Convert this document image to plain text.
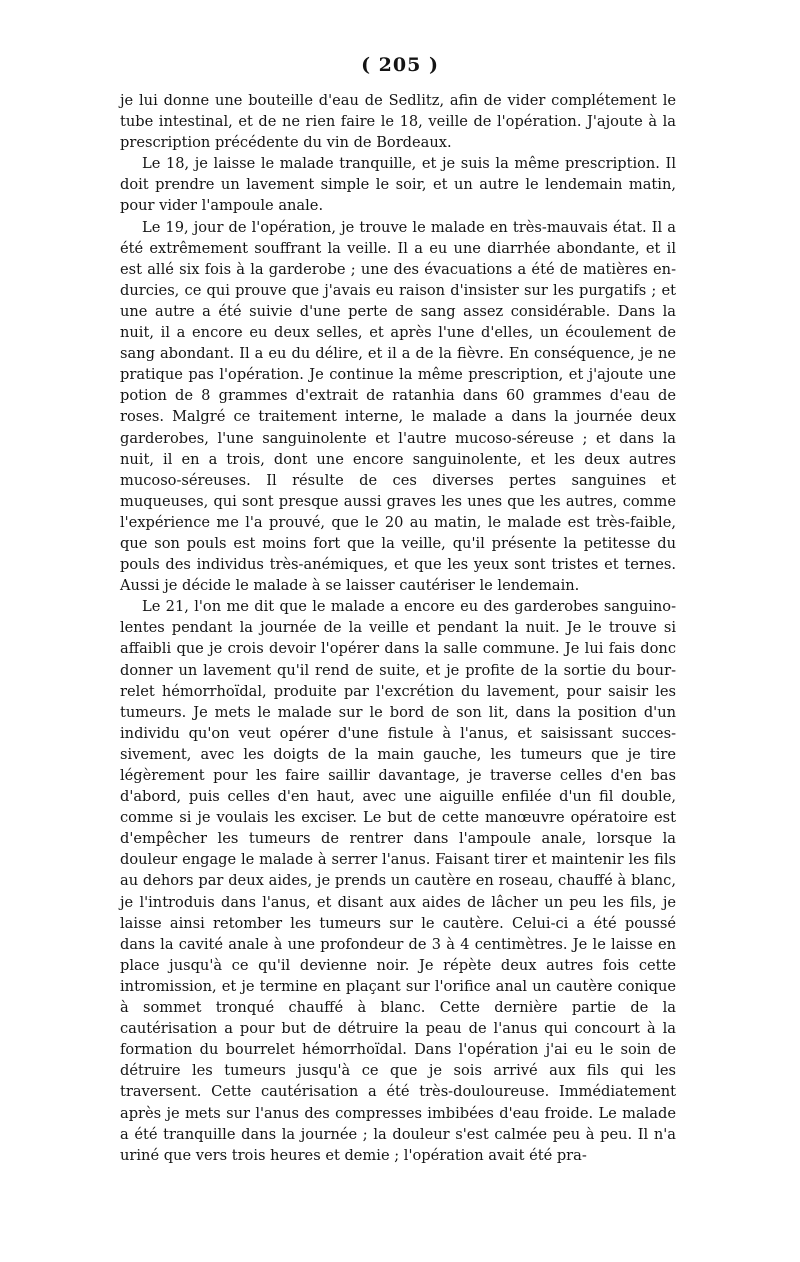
( 205 )

je lui donne une bouteille d'eau de Sedlitz, afin de vider complétement le tube intestinal, et de ne rien faire le 18, veille de l'opération. J'ajoute à la prescription précédente du vin de Bordeaux.

Le 18, je laisse le malade tranquille, et je suis la même prescription. Il doit prendre un lavement simple le soir, et un autre le lendemain matin, pour vider l'ampoule anale.

Le 19, jour de l'opération, je trouve le malade en très-mauvais état. Il a été extrêmement souffrant la veille. Il a eu une diarrhée abondante, et il est allé six fois à la garderobe ; une des évacuations a été de matières endurcies, ce qui prouve que j'avais eu raison d'insister sur les purgatifs ; et une autre a été suivie d'une perte de sang assez considérable. Dans la nuit, il a encore eu deux selles, et après l'une d'elles, un écoulement de sang abondant. Il a eu du délire, et il a de la fièvre. En conséquence, je ne pratique pas l'opération. Je continue la même prescription, et j'ajoute une potion de 8 grammes d'extrait de ratanhia dans 60 grammes d'eau de roses. Malgré ce traitement interne, le malade a dans la journée deux garderobes, l'une sanguinolente et l'autre mucoso-séreuse ; et dans la nuit, il en a trois, dont une encore sanguinolente, et les deux autres mucoso-séreuses. Il résulte de ces diverses pertes sanguines et muqueuses, qui sont presque aussi graves les unes que les autres, comme l'expérience me l'a prouvé, que le 20 au matin, le malade est très-faible, que son pouls est moins fort que la veille, qu'il présente la petitesse du pouls des individus très-anémiques, et que les yeux sont tristes et ternes. Aussi je décide le malade à se laisser cautériser le lendemain.

Le 21, l'on me dit que le malade a encore eu des garderobes sanguinolentes pendant la journée de la veille et pendant la nuit. Je le trouve si affaibli que je crois devoir l'opérer dans la salle commune. Je lui fais donc donner un lavement qu'il rend de suite, et je profite de la sortie du bourrelet hémorrhoïdal, produite par l'excrétion du lavement, pour saisir les tumeurs. Je mets le malade sur le bord de son lit, dans la position d'un individu qu'on veut opérer d'une fistule à l'anus, et saisissant successivement, avec les doigts de la main gauche, les tumeurs que je tire légèrement pour les faire saillir davantage, je traverse celles d'en bas d'abord, puis celles d'en haut, avec une aiguille enfilée d'un fil double, comme si je voulais les exciser. Le but de cette manœuvre opératoire est d'empêcher les tumeurs de rentrer dans l'ampoule anale, lorsque la douleur engage le malade à serrer l'anus. Faisant tirer et maintenir les fils au dehors par deux aides, je prends un cautère en roseau, chauffé à blanc, je l'introduis dans l'anus, et disant aux aides de lâcher un peu les fils, je laisse ainsi retomber les tumeurs sur le cautère. Celui-ci a été poussé dans la cavité anale à une profondeur de 3 à 4 centimètres. Je le laisse en place jusqu'à ce qu'il devienne noir. Je répète deux autres fois cette intromission, et je termine en plaçant sur l'orifice anal un cautère conique à sommet tronqué chauffé à blanc. Cette dernière partie de la cautérisation a pour but de détruire la peau de l'anus qui concourt à la formation du bourrelet hémorrhoïdal. Dans l'opération j'ai eu le soin de détruire les tumeurs jusqu'à ce que je sois arrivé aux fils qui les traversent. Cette cautérisation a été très-douloureuse. Immédiatement après je mets sur l'anus des compresses imbibées d'eau froide. Le malade a été tranquille dans la journée ; la douleur s'est calmée peu à peu. Il n'a uriné que vers trois heures et demie ; l'opération avait été pra-
